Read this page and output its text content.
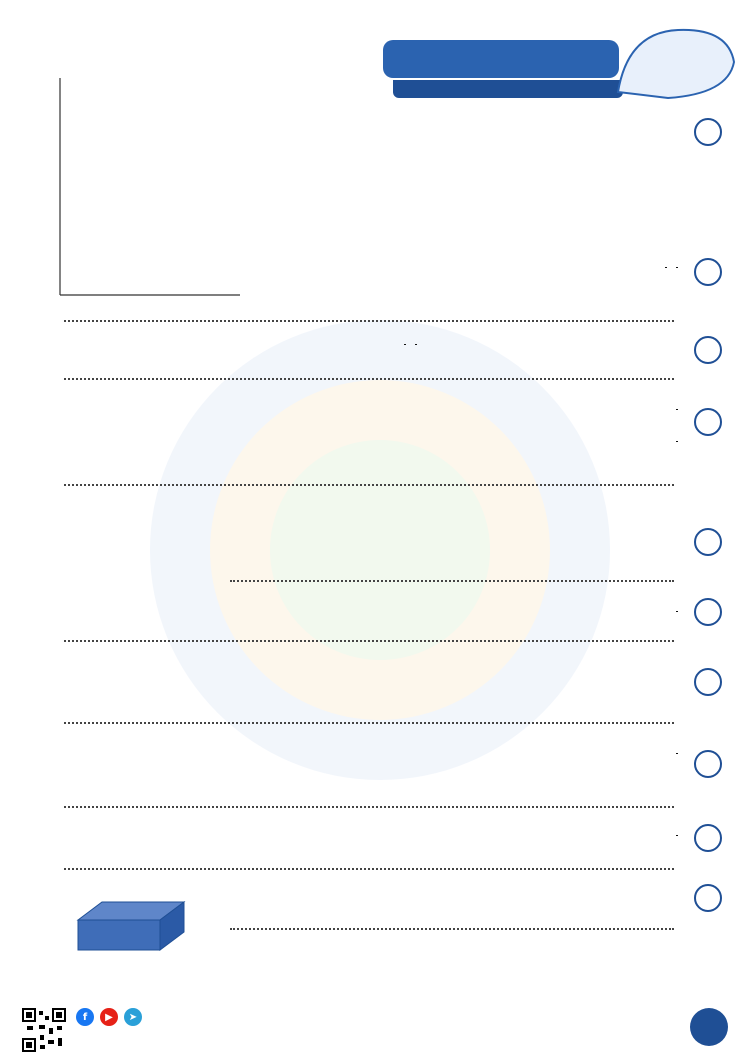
f	▶	➤
